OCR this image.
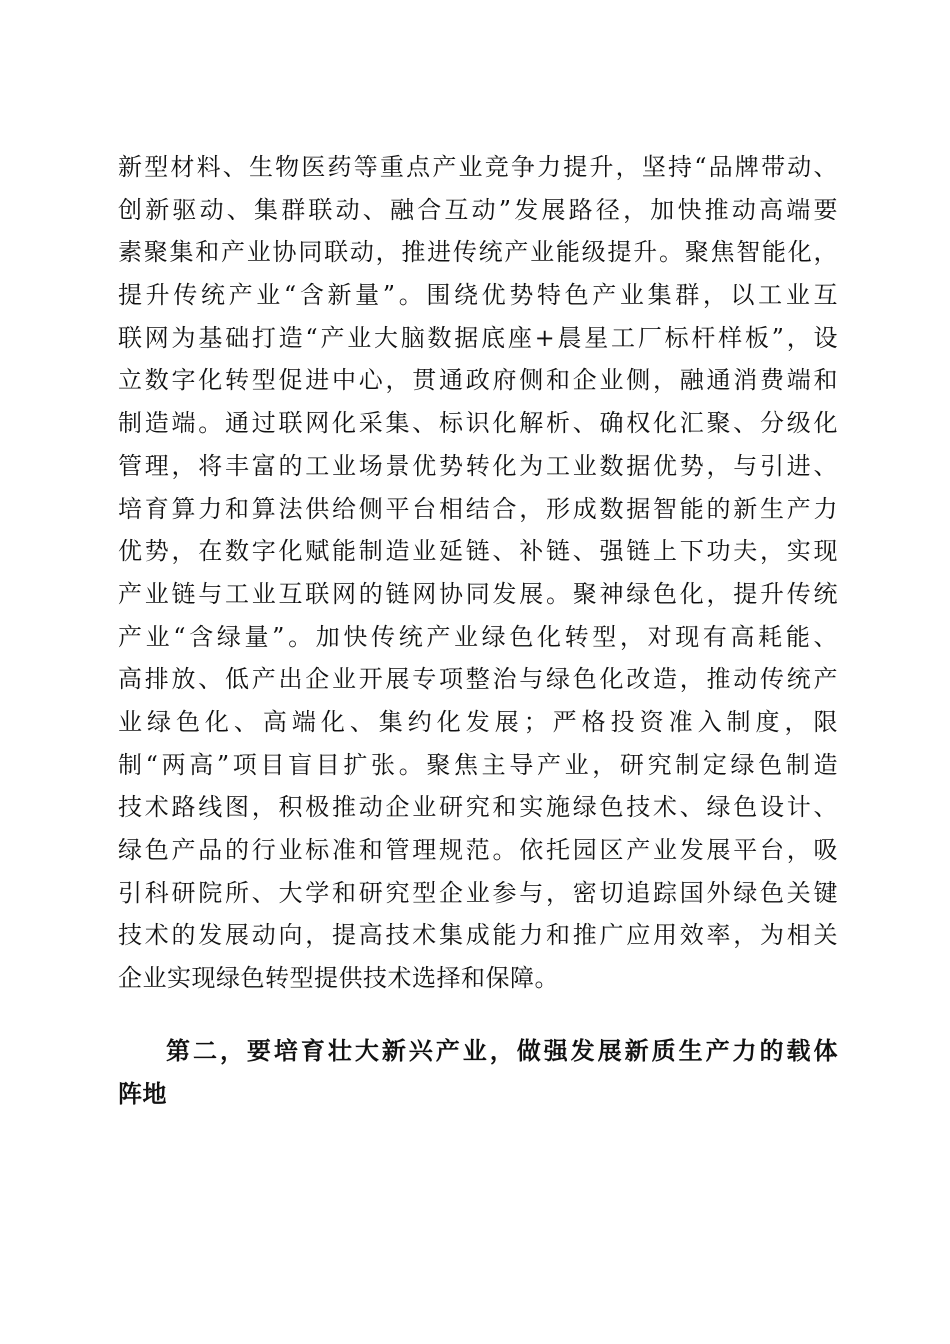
新型材料、生物医药等重点产业竞争力提升，坚持“品牌带动、
创新驱动、集群联动、融合互动”发展路径，加快推动高端要
素聚集和产业协同联动，推进传统产业能级提升。聚焦智能化，
提升传统产业“含新量”。围绕优势特色产业集群，以工业互
联网为基础打造“产业大脑数据底座+晨星工厂标杆样板”，设
立数字化转型促进中心，贯通政府侧和企业侧，融通消费端和
制造端。通过联网化采集、标识化解析、确权化汇聚、分级化
管理，将丰富的工业场景优势转化为工业数据优势，与引进、
培育算力和算法供给侧平台相结合，形成数据智能的新生产力
优势，在数字化赋能制造业延链、补链、强链上下功夫，实现
产业链与工业互联网的链网协同发展。聚神绿色化，提升传统
产业“含绿量”。加快传统产业绿色化转型，对现有高耗能、
高排放、低产出企业开展专项整治与绿色化改造，推动传统产
业绿色化、高端化、集约化发展；严格投资准入制度，限
制“两高”项目盲目扩张。聚焦主导产业，研究制定绿色制造
技术路线图，积极推动企业研究和实施绿色技术、绿色设计、
绿色产品的行业标准和管理规范。依托园区产业发展平台，吸
引科研院所、大学和研究型企业参与，密切追踪国外绿色关键
技术的发展动向，提高技术集成能力和推广应用效率，为相关
企业实现绿色转型提供技术选择和保障。
第二，要培育壮大新兴产业，做强发展新质生产力的载体
阵地
